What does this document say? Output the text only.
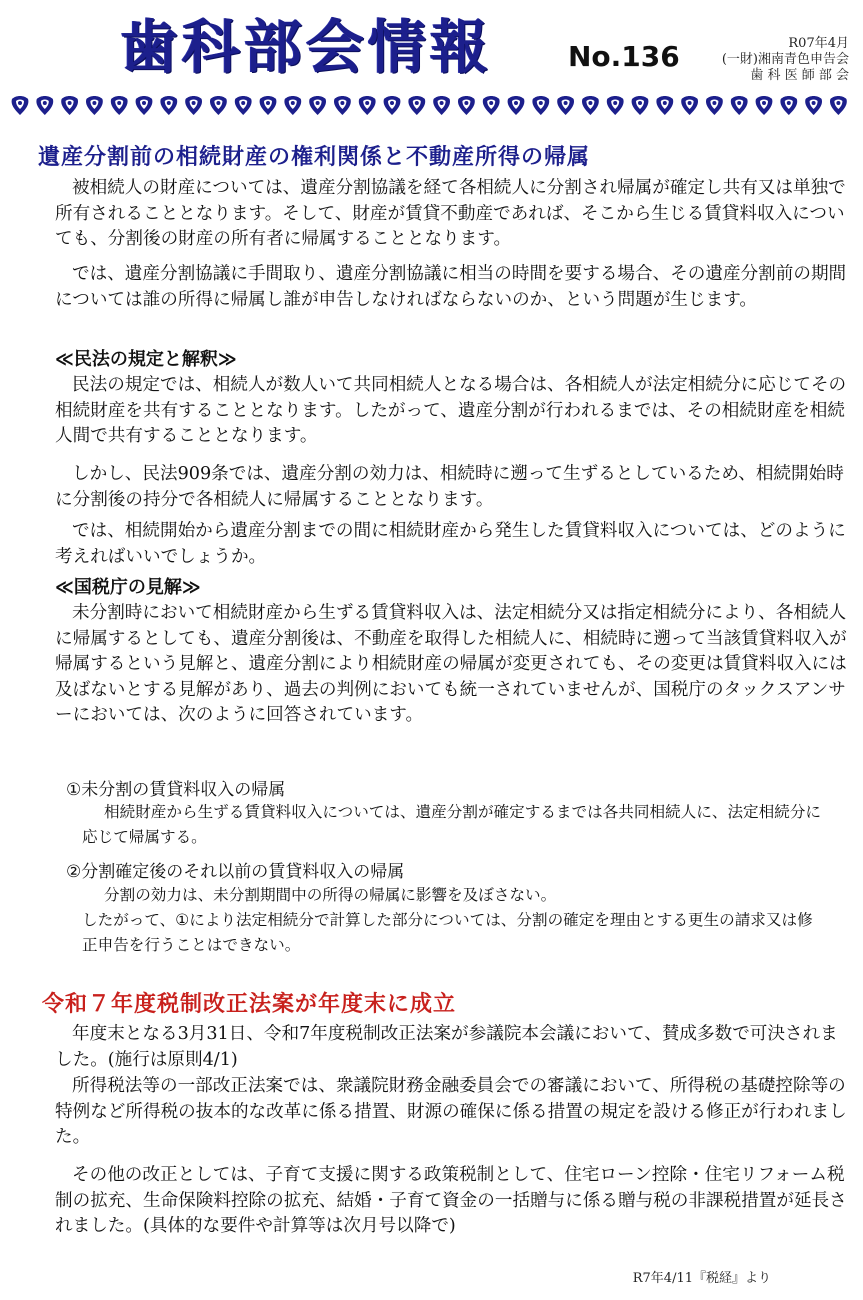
歯科部会情報	No.136	R07年4月
(一財)湘南青色申告会
歯 科 医 師 部 会
遺産分割前の相続財産の権利関係と不動産所得の帰属
被相続人の財産については、遺産分割協議を経て各相続人に分割され帰属が確定し共有又は単独で所有されることとなります。そして、財産が賃貸不動産であれば、そこから生じる賃貸料収入についても、分割後の財産の所有者に帰属することとなります。
では、遺産分割協議に手間取り、遺産分割協議に相当の時間を要する場合、その遺産分割前の期間については誰の所得に帰属し誰が申告しなければならないのか、という問題が生じます。
≪民法の規定と解釈≫
民法の規定では、相続人が数人いて共同相続人となる場合は、各相続人が法定相続分に応じてその相続財産を共有することとなります。したがって、遺産分割が行われるまでは、その相続財産を相続人間で共有することとなります。
しかし、民法909条では、遺産分割の効力は、相続時に遡って生ずるとしているため、相続開始時に分割後の持分で各相続人に帰属することとなります。
では、相続開始から遺産分割までの間に相続財産から発生した賃貸料収入については、どのように考えればいいでしょうか。
≪国税庁の見解≫
未分割時において相続財産から生ずる賃貸料収入は、法定相続分又は指定相続分により、各相続人に帰属するとしても、遺産分割後は、不動産を取得した相続人に、相続時に遡って当該賃貸料収入が帰属するという見解と、遺産分割により相続財産の帰属が変更されても、その変更は賃貸料収入には及ばないとする見解があり、過去の判例においても統一されていませんが、国税庁のタックスアンサーにおいては、次のように回答されています。
①未分割の賃貸料収入の帰属
相続財産から生ずる賃貸料収入については、遺産分割が確定するまでは各共同相続人に、法定相続分に応じて帰属する。
②分割確定後のそれ以前の賃貸料収入の帰属
分割の効力は、未分割期間中の所得の帰属に影響を及ぼさない。
したがって、①により法定相続分で計算した部分については、分割の確定を理由とする更生の請求又は修正申告を行うことはできない。
令和７年度税制改正法案が年度末に成立
年度末となる3月31日、令和7年度税制改正法案が参議院本会議において、賛成多数で可決されました。(施行は原則4/1)
所得税法等の一部改正法案では、衆議院財務金融委員会での審議において、所得税の基礎控除等の特例など所得税の抜本的な改革に係る措置、財源の確保に係る措置の規定を設ける修正が行われました。
その他の改正としては、子育て支援に関する政策税制として、住宅ローン控除・住宅リフォーム税制の拡充、生命保険料控除の拡充、結婚・子育て資金の一括贈与に係る贈与税の非課税措置が延長されました。(具体的な要件や計算等は次月号以降で)
R7年4/11『税経』より
